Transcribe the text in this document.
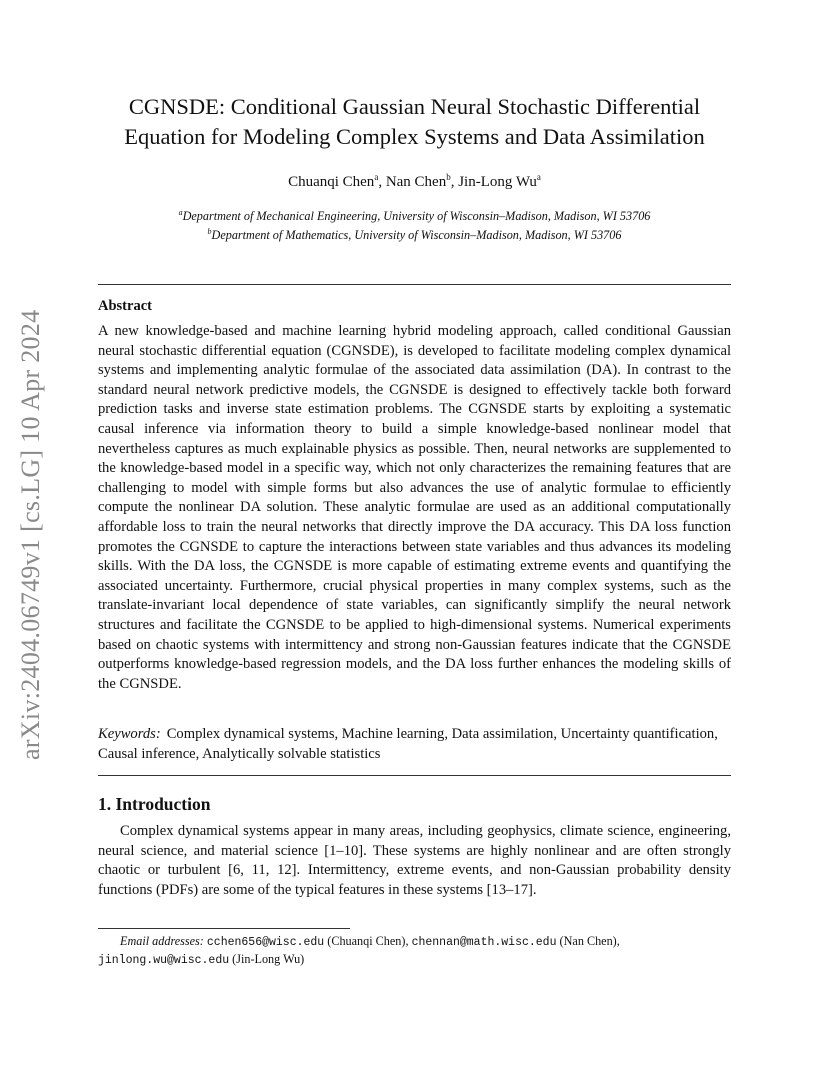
arXiv:2404.06749v1 [cs.LG] 10 Apr 2024
CGNSDE: Conditional Gaussian Neural Stochastic Differential
Equation for Modeling Complex Systems and Data Assimilation
Chuanqi Chen$^a$, Nan Chen$^b$, Jin-Long Wu$^a$
$^a$Department of Mechanical Engineering, University of Wisconsin–Madison, Madison, WI 53706
$^b$Department of Mathematics, University of Wisconsin–Madison, Madison, WI 53706
Abstract
A new knowledge-based and machine learning hybrid modeling approach, called conditional Gaussian neural stochastic differential equation (CGNSDE), is developed to facilitate modeling complex dynamical systems and implementing analytic formulae of the associated data assimilation (DA). In contrast to the standard neural network predictive models, the CGNSDE is designed to effectively tackle both forward prediction tasks and inverse state estimation problems. The CGNSDE starts by exploiting a systematic causal inference via information theory to build a simple knowledge-based nonlinear model that nevertheless captures as much explainable physics as possible. Then, neural networks are supplemented to the knowledge-based model in a specific way, which not only characterizes the remaining features that are challenging to model with simple forms but also advances the use of analytic formulae to efficiently compute the nonlinear DA solution. These analytic formulae are used as an additional computationally affordable loss to train the neural networks that directly improve the DA accuracy. This DA loss function promotes the CGNSDE to capture the interactions between state variables and thus advances its modeling skills. With the DA loss, the CGNSDE is more capable of estimating extreme events and quantifying the associated uncertainty. Furthermore, crucial physical properties in many complex systems, such as the translate-invariant local dependence of state variables, can significantly simplify the neural network structures and facilitate the CGNSDE to be applied to high-dimensional systems. Numerical experiments based on chaotic systems with intermittency and strong non-Gaussian features indicate that the CGNSDE outperforms knowledge-based regression models, and the DA loss further enhances the modeling skills of the CGNSDE.
Keywords: Complex dynamical systems, Machine learning, Data assimilation, Uncertainty quantification, Causal inference, Analytically solvable statistics
1. Introduction
Complex dynamical systems appear in many areas, including geophysics, climate science, engineering, neural science, and material science [1–10]. These systems are highly nonlinear and are often strongly chaotic or turbulent [6, 11, 12]. Intermittency, extreme events, and non-Gaussian probability density functions (PDFs) are some of the typical features in these systems [13–17].
Email addresses: cchen656@wisc.edu (Chuanqi Chen), chennan@math.wisc.edu (Nan Chen), jinlong.wu@wisc.edu (Jin-Long Wu)
